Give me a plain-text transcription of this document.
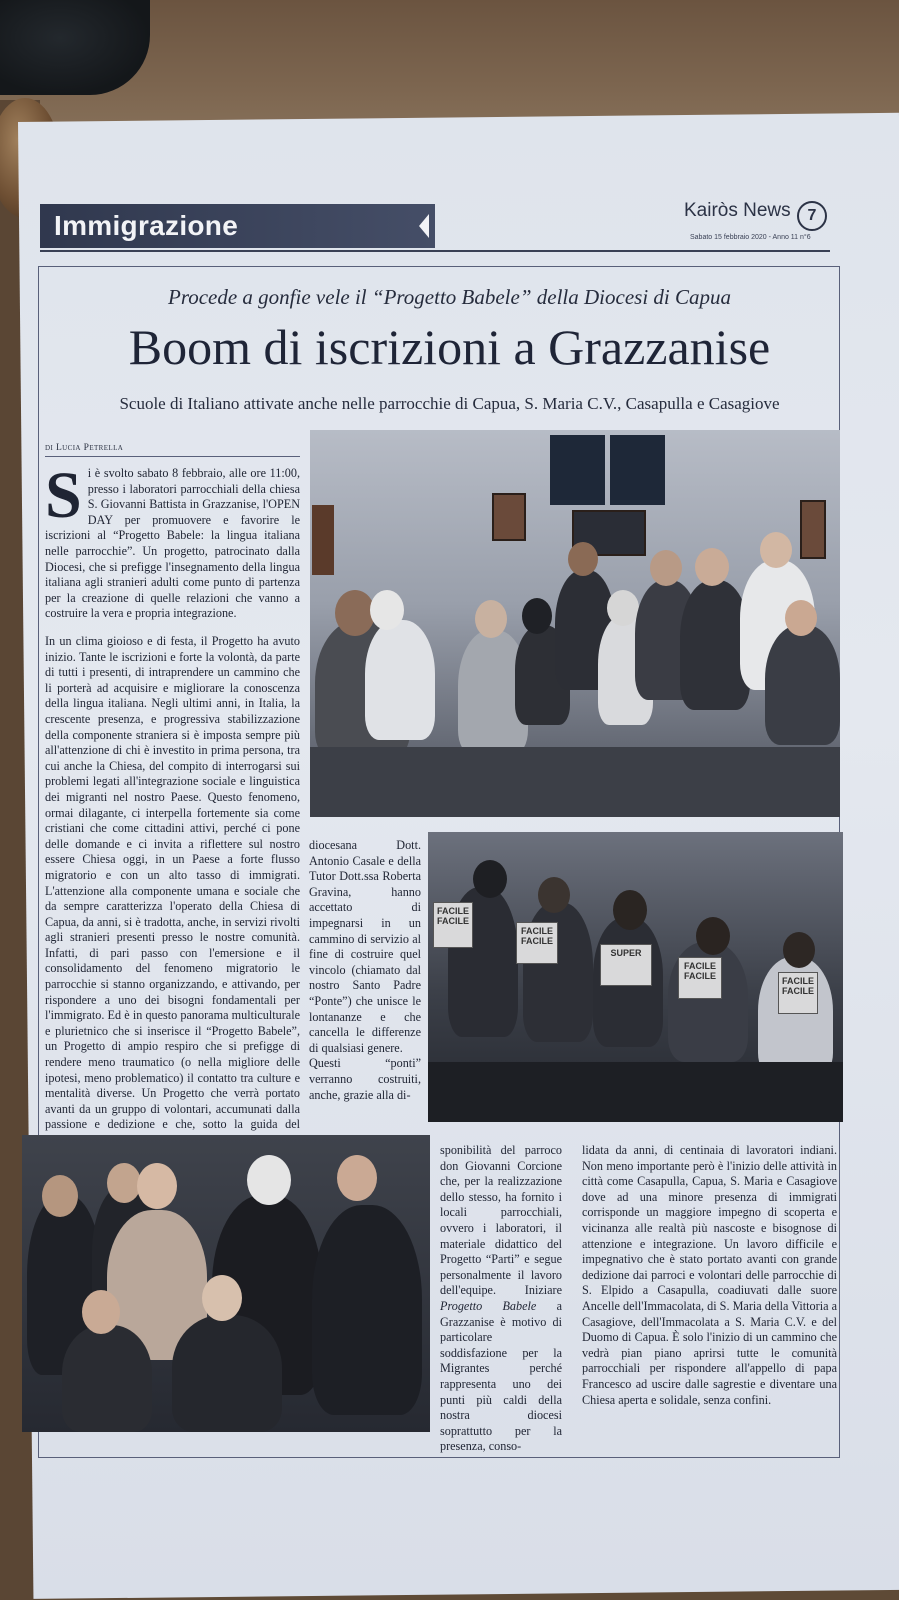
Immigrazione	Kairòs News	7
Sabato 15 febbraio 2020 - Anno 11 n°6
Procede a gonfie vele il “Progetto Babele” della Diocesi di Capua
Boom di iscrizioni a Grazzanise
Scuole di Italiano attivate anche nelle parrocchie di Capua, S. Maria C.V., Casapulla e Casagiove
di Lucia Petrella
S i è svolto sabato 8 febbraio, alle ore 11:00, presso i laboratori parrocchiali della chiesa S. Giovanni Battista in Grazzanise, l'OPEN DAY per promuovere e favorire le iscrizioni al “Progetto Babele: la lingua italiana nelle parrocchie”. Un progetto, patrocinato dalla Diocesi, che si prefigge l'insegnamento della lingua italiana agli stranieri adulti come punto di partenza per la creazione di quelle relazioni che vanno a costruire la vera e propria integrazione.

In un clima gioioso e di festa, il Progetto ha avuto inizio. Tante le iscrizioni e forte la volontà, da parte di tutti i presenti, di intraprendere un cammino che li porterà ad acquisire e migliorare la conoscenza della lingua italiana. Negli ultimi anni, in Italia, la crescente presenza, e progressiva stabilizzazione della componente straniera si è imposta sempre più all'attenzione di chi è investito in prima persona, tra cui anche la Chiesa, del compito di interrogarsi sui problemi legati all'integrazione sociale e linguistica dei migranti nel nostro Paese. Questo fenomeno, ormai dilagante, ci interpella fortemente sia come cristiani che come cittadini attivi, perché ci pone delle domande e ci invita a riflettere sul nostro essere Chiesa oggi, in un Paese a forte flusso migratorio e con un alto tasso di immigrati. L'attenzione alla componente umana e sociale che da sempre caratterizza l'operato della Chiesa di Capua, da anni, si è tradotta, anche, in servizi rivolti agli stranieri presenti presso le nostre comunità. Infatti, di pari passo con l'emersione e il consolidamento del fenomeno migratorio le parrocchie si stanno organizzando, e attivando, per rispondere a uno dei bisogni fondamentali per l'immigrato. Ed è in questo panorama multiculturale e plurietnico che si inserisce il “Progetto Babele”, un Progetto di ampio respiro che si prefigge di rendere meno traumatico (o nella migliore delle ipotesi, meno problematico) il contatto tra culture e mentalità diverse. Un Progetto che verrà portato avanti da un gruppo di volontari, accumunati dalla passione e dedizione e che, sotto la guida del

diocesana Dott. Antonio Casale e della Tutor Dott.ssa Roberta Gravina, hanno accettato di impegnarsi in un cammino di servizio al fine di costruire quel vincolo (chiamato dal nostro Santo Padre “Ponte”) che unisce le lontananze e che cancella le differenze di qualsiasi genere.

Questi “ponti” verranno costruiti, anche, grazie alla di-

FACILE FACILE
FACILE FACILE
SUPER
FACILE FACILE	FACILE FACILE

sponibilità del parroco don Giovanni Corcione che, per la realizzazione dello stesso, ha fornito i locali parrocchiali, ovvero i laboratori, il materiale didattico del Progetto “Parti” e segue personalmente il lavoro dell'equipe. Iniziare Progetto Babele a Grazzanise è motivo di particolare soddisfazione per la Migrantes perché rappresenta uno dei punti più caldi della nostra diocesi soprattutto per la presenza, conso-

lidata da anni, di centinaia di lavoratori indiani. Non meno importante però è l'inizio delle attività in città come Casapulla, Capua, S. Maria e Casagiove dove ad una minore presenza di immigrati corrisponde un maggiore impegno di scoperta e vicinanza alle realtà più nascoste e bisognose di attenzione e integrazione. Un lavoro difficile e impegnativo che è stato portato avanti con grande dedizione dai parroci e volontari delle parrocchie di S. Elpido a Casapulla, coadiuvati dalle suore Ancelle dell'Immacolata, di S. Maria della Vittoria a Casagiove, dell'Immacolata a S. Maria C.V. e del Duomo di Capua. È solo l'inizio di un cammino che vedrà pian piano aprirsi tutte le comunità parrocchiali per rispondere all'appello di papa Francesco ad uscire dalle sagrestie e diventare una Chiesa aperta e solidale, senza confini.
